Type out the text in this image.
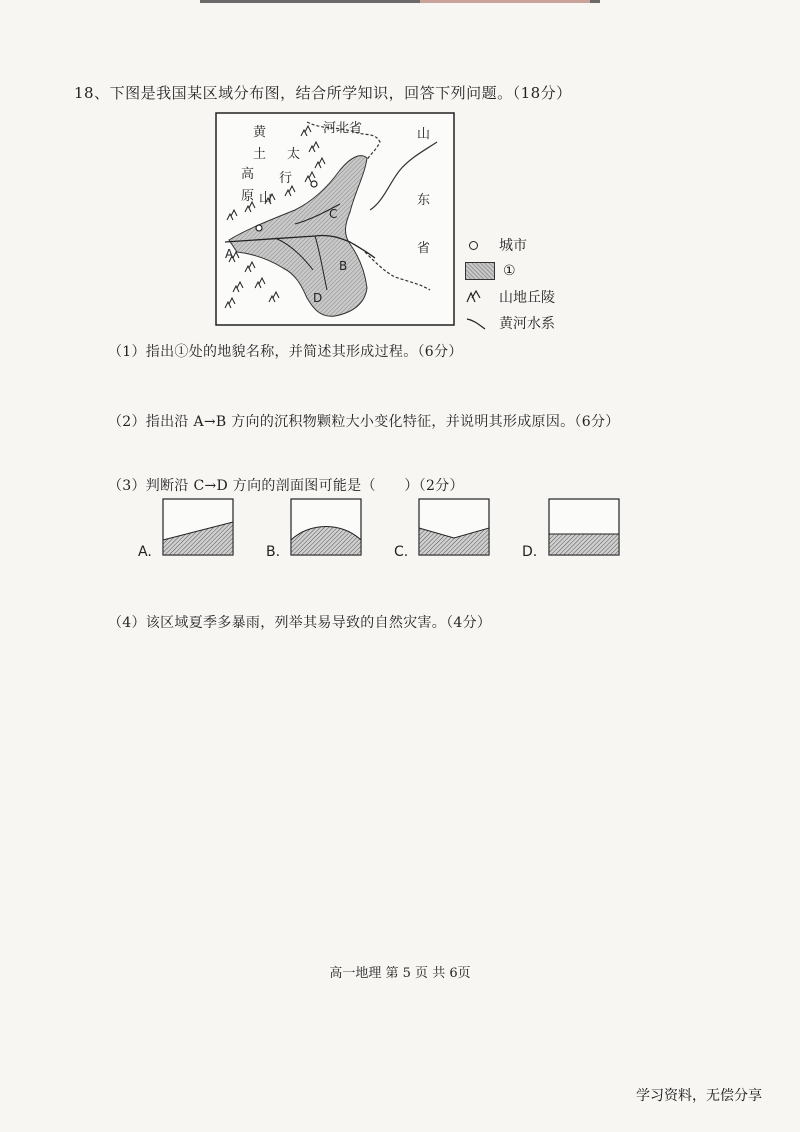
18、下图是我国某区域分布图，结合所学知识，回答下列问题。（18分）
黄
土
高
原
太
行
山
河北省	山
东
省
C
A
B
D
城市
①
山地丘陵
黄河水系
（1）指出①处的地貌名称，并简述其形成过程。（6分）
（2）指出沿 A→B 方向的沉积物颗粒大小变化特征，并说明其形成原因。（6分）
（3）判断沿 C→D 方向的剖面图可能是（　　）（2分）
A.	B.	C.	D.
（4）该区域夏季多暴雨，列举其易导致的自然灾害。（4分）
高一地理 第 5 页 共 6页
学习资料，无偿分享
